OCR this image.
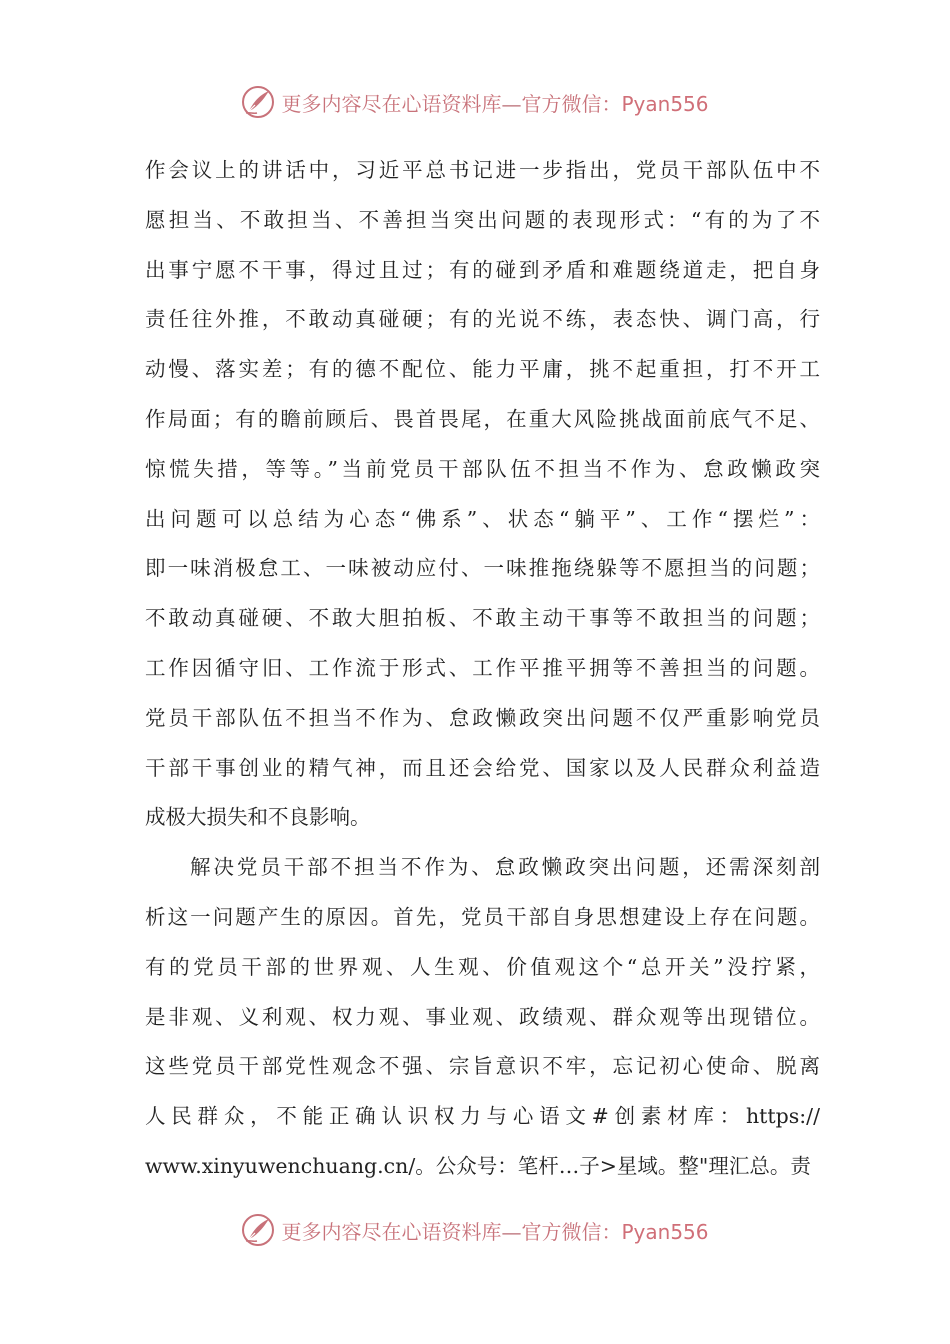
更多内容尽在心语资料库—官方微信：Pyan556
作会议上的讲话中，习近平总书记进一步指出，党员干部队伍中不
愿担当、不敢担当、不善担当突出问题的表现形式：“有的为了不
出事宁愿不干事，得过且过；有的碰到矛盾和难题绕道走，把自身
责任往外推，不敢动真碰硬；有的光说不练，表态快、调门高，行
动慢、落实差；有的德不配位、能力平庸，挑不起重担，打不开工
作局面；有的瞻前顾后、畏首畏尾，在重大风险挑战面前底气不足、
惊慌失措，等等。”当前党员干部队伍不担当不作为、怠政懒政突
出问题可以总结为心态“佛系”、状态“躺平”、工作“摆烂”：
即一味消极怠工、一味被动应付、一味推拖绕躲等不愿担当的问题；
不敢动真碰硬、不敢大胆拍板、不敢主动干事等不敢担当的问题；
工作因循守旧、工作流于形式、工作平推平拥等不善担当的问题。
党员干部队伍不担当不作为、怠政懒政突出问题不仅严重影响党员
干部干事创业的精气神，而且还会给党、国家以及人民群众利益造
成极大损失和不良影响。
解决党员干部不担当不作为、怠政懒政突出问题，还需深刻剖
析这一问题产生的原因。首先，党员干部自身思想建设上存在问题。
有的党员干部的世界观、人生观、价值观这个“总开关”没拧紧，
是非观、义利观、权力观、事业观、政绩观、群众观等出现错位。
这些党员干部党性观念不强、宗旨意识不牢，忘记初心使命、脱离
人民群众，不能正确认识权力与心语文#创素材库：https://
www.xinyuwenchuang.cn/。公众号：笔杆…子>星域。整"理汇总。责
更多内容尽在心语资料库—官方微信：Pyan556
